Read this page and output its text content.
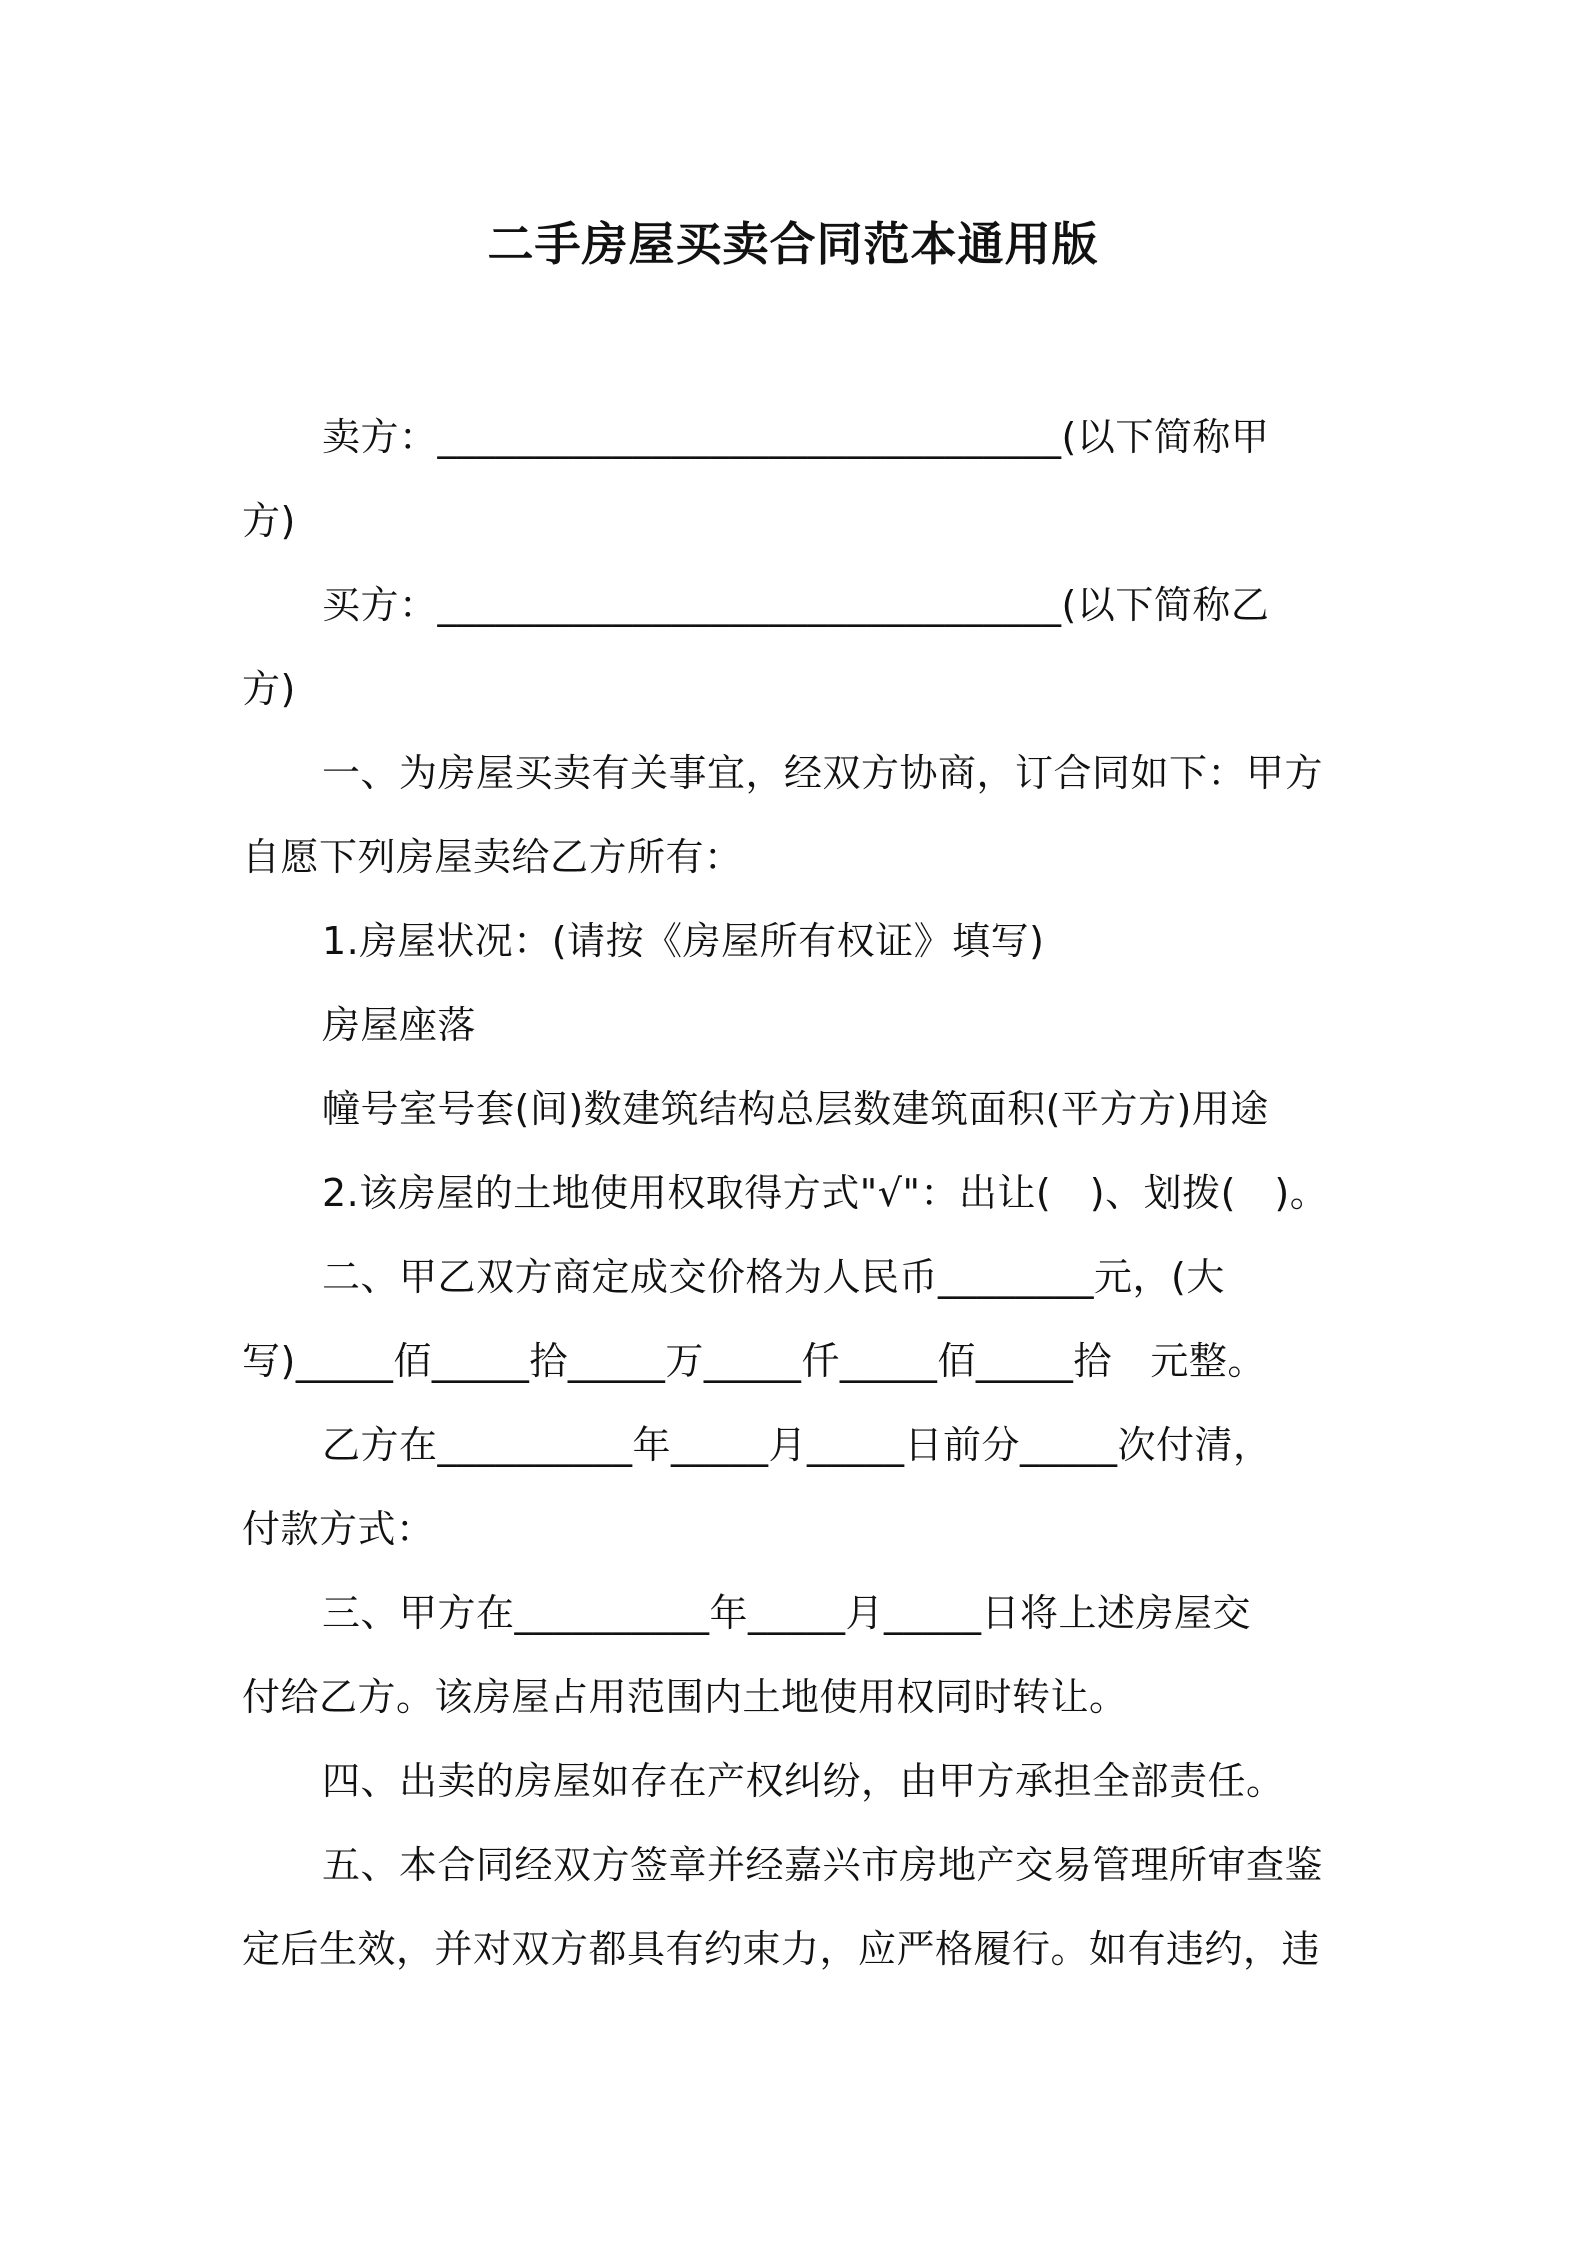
二手房屋买卖合同范本通用版
卖方：________________________________(以下简称甲
方)
买方：________________________________(以下简称乙
方)
一、为房屋买卖有关事宜，经双方协商，订合同如下：甲方
自愿下列房屋卖给乙方所有：
1.房屋状况：(请按《房屋所有权证》填写)
房屋座落
幢号室号套(间)数建筑结构总层数建筑面积(平方方)用途
2.该房屋的土地使用权取得方式"√"：出让(　)、划拨(　)。
二、甲乙双方商定成交价格为人民币________元，(大
写)_____佰_____拾_____万_____仟_____佰_____拾　元整。
乙方在__________年_____月_____日前分_____次付清，
付款方式：
三、甲方在__________年_____月_____日将上述房屋交
付给乙方。该房屋占用范围内土地使用权同时转让。
四、出卖的房屋如存在产权纠纷，由甲方承担全部责任。
五、本合同经双方签章并经嘉兴市房地产交易管理所审查鉴
定后生效，并对双方都具有约束力，应严格履行。如有违约，违
